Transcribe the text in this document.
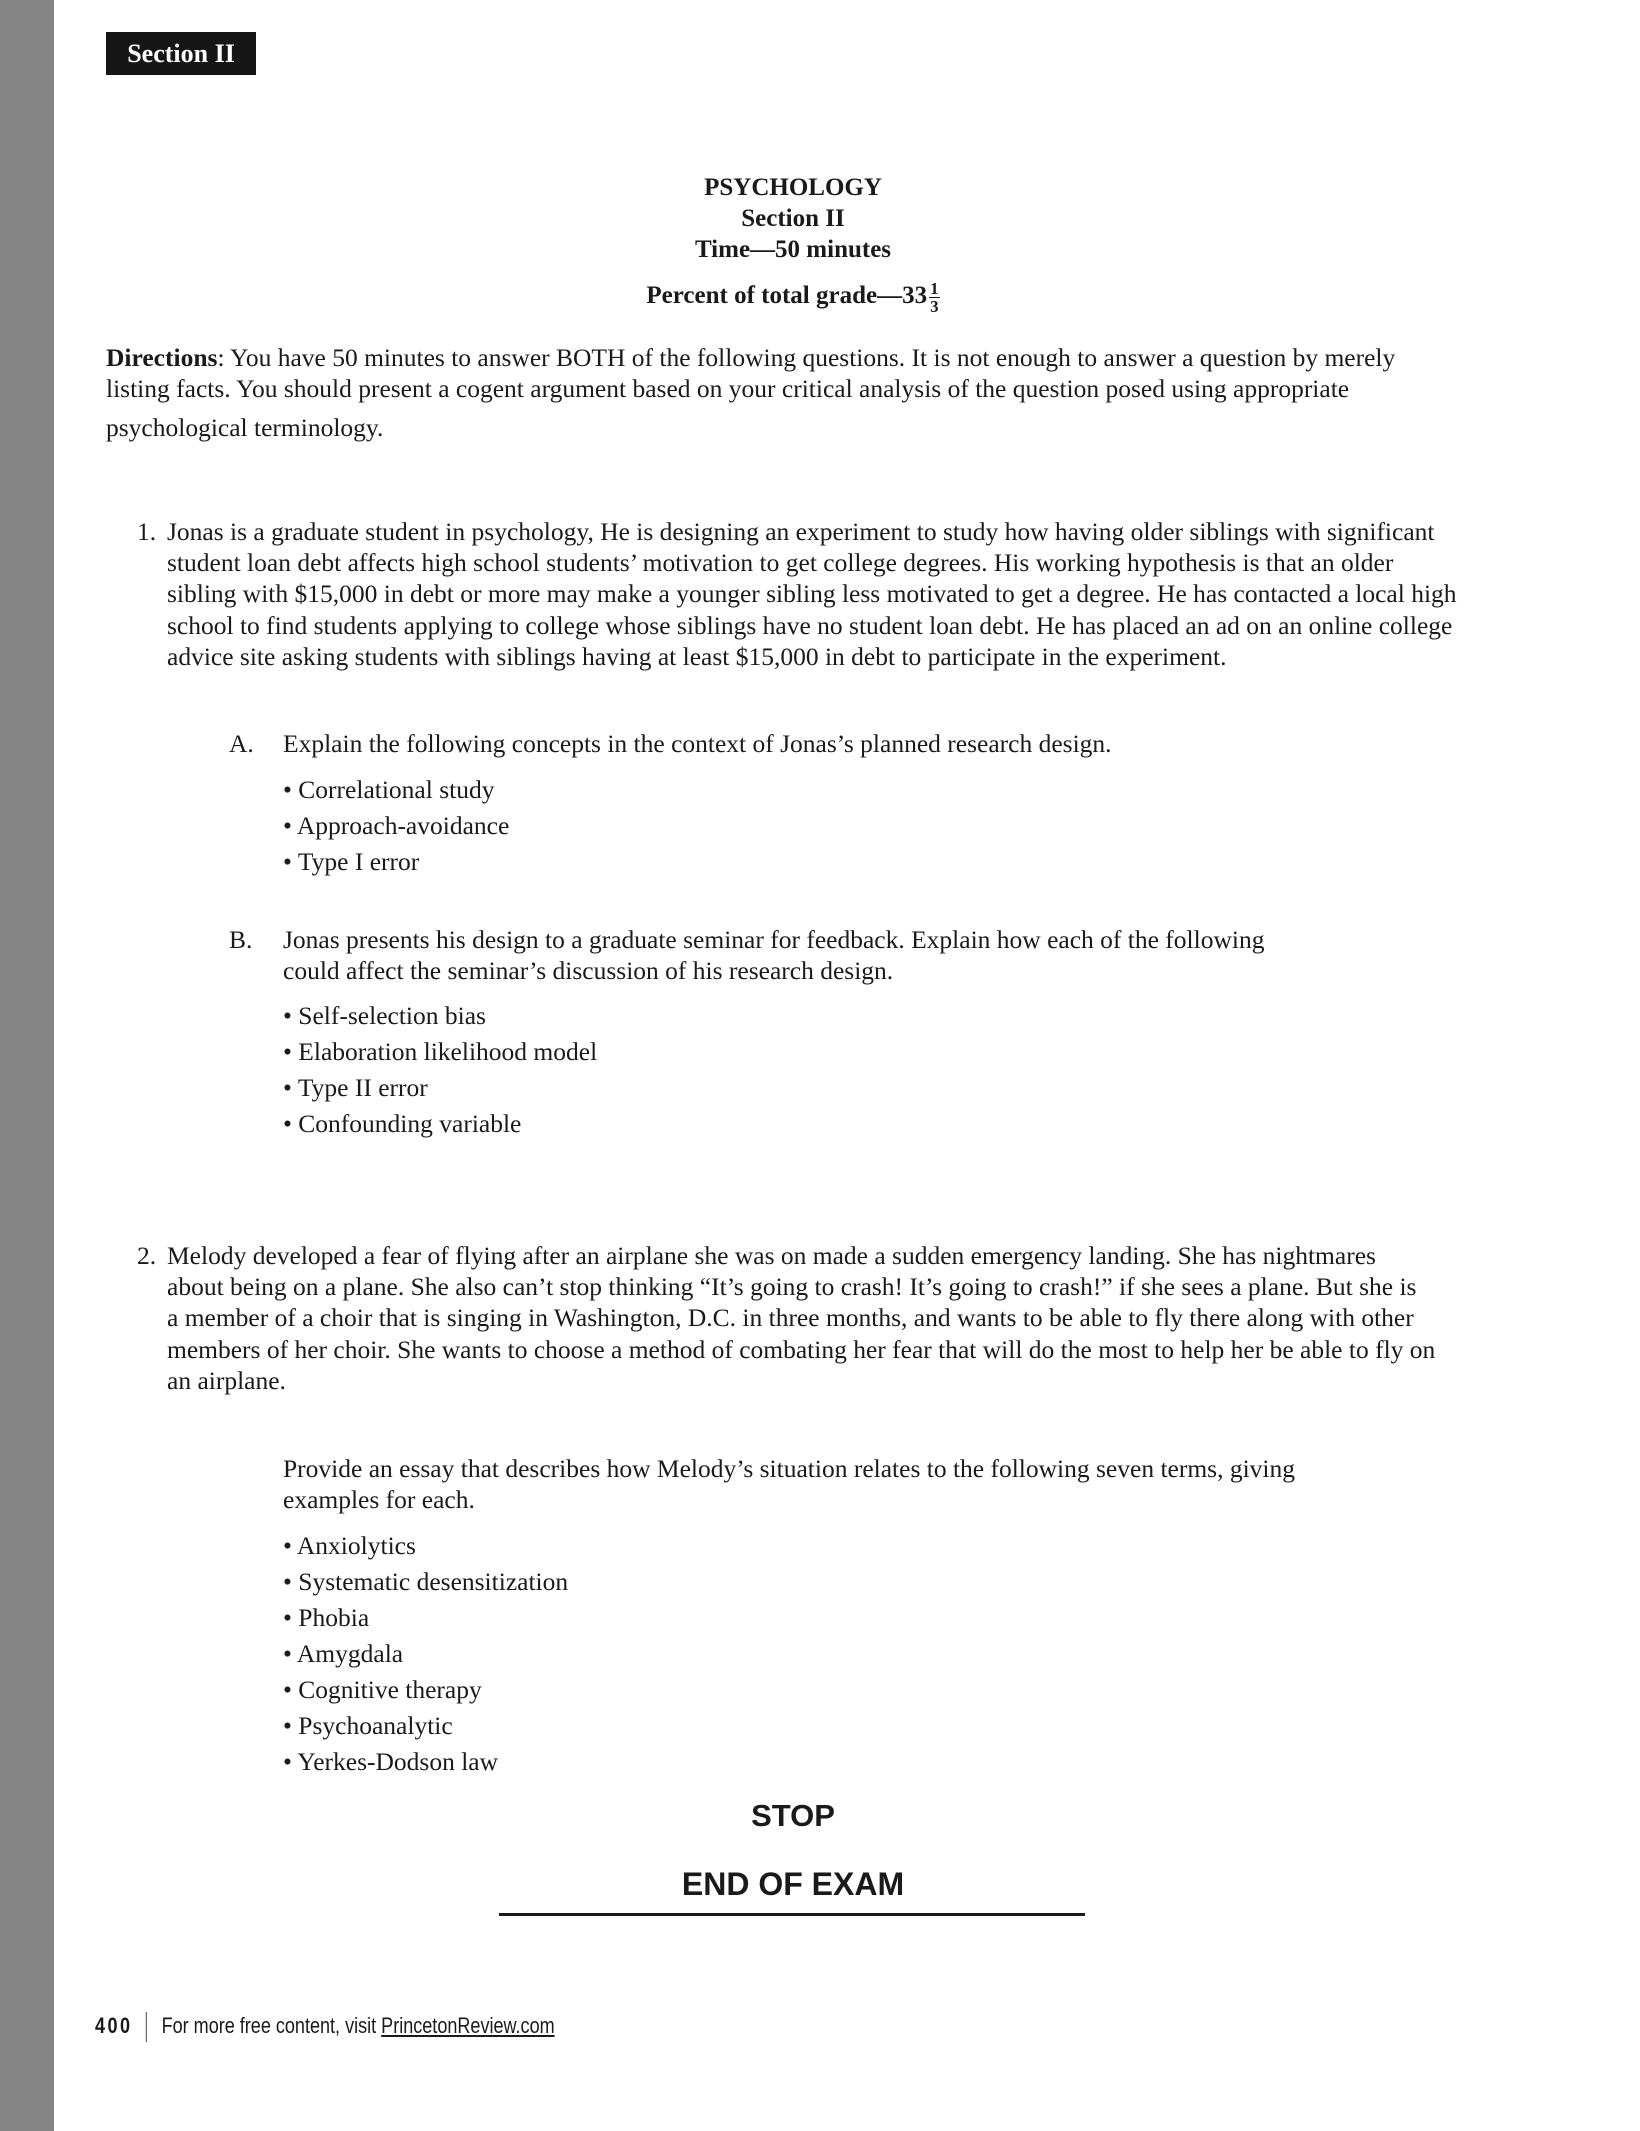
Section II
PSYCHOLOGY
Section II
Time—50 minutes
Percent of total grade—33 $\frac{1}{3}$
Directions: You have 50 minutes to answer BOTH of the following questions. It is not enough to answer a question by merely
listing facts. You should present a cogent argument based on your critical analysis of the question posed using appropriate
psychological terminology.
1. Jonas is a graduate student in psychology, He is designing an experiment to study how having older siblings with significant
student loan debt affects high school students’ motivation to get college degrees. His working hypothesis is that an older
sibling with $15,000 in debt or more may make a younger sibling less motivated to get a degree. He has contacted a local high
school to find students applying to college whose siblings have no student loan debt. He has placed an ad on an online college
advice site asking students with siblings having at least $15,000 in debt to participate in the experiment.
A. Explain the following concepts in the context of Jonas’s planned research design.
• Correlational study
• Approach-avoidance
• Type I error
B. Jonas presents his design to a graduate seminar for feedback. Explain how each of the following
could affect the seminar’s discussion of his research design.
• Self-selection bias
• Elaboration likelihood model
• Type II error
• Confounding variable
2. Melody developed a fear of flying after an airplane she was on made a sudden emergency landing. She has nightmares
about being on a plane. She also can’t stop thinking “It’s going to crash! It’s going to crash!” if she sees a plane. But she is
a member of a choir that is singing in Washington, D.C. in three months, and wants to be able to fly there along with other
members of her choir. She wants to choose a method of combating her fear that will do the most to help her be able to fly on
an airplane.
Provide an essay that describes how Melody’s situation relates to the following seven terms, giving
examples for each.
• Anxiolytics
• Systematic desensitization
• Phobia
• Amygdala
• Cognitive therapy
• Psychoanalytic
• Yerkes-Dodson law
STOP
END OF EXAM
400 For more free content, visit PrincetonReview.com
